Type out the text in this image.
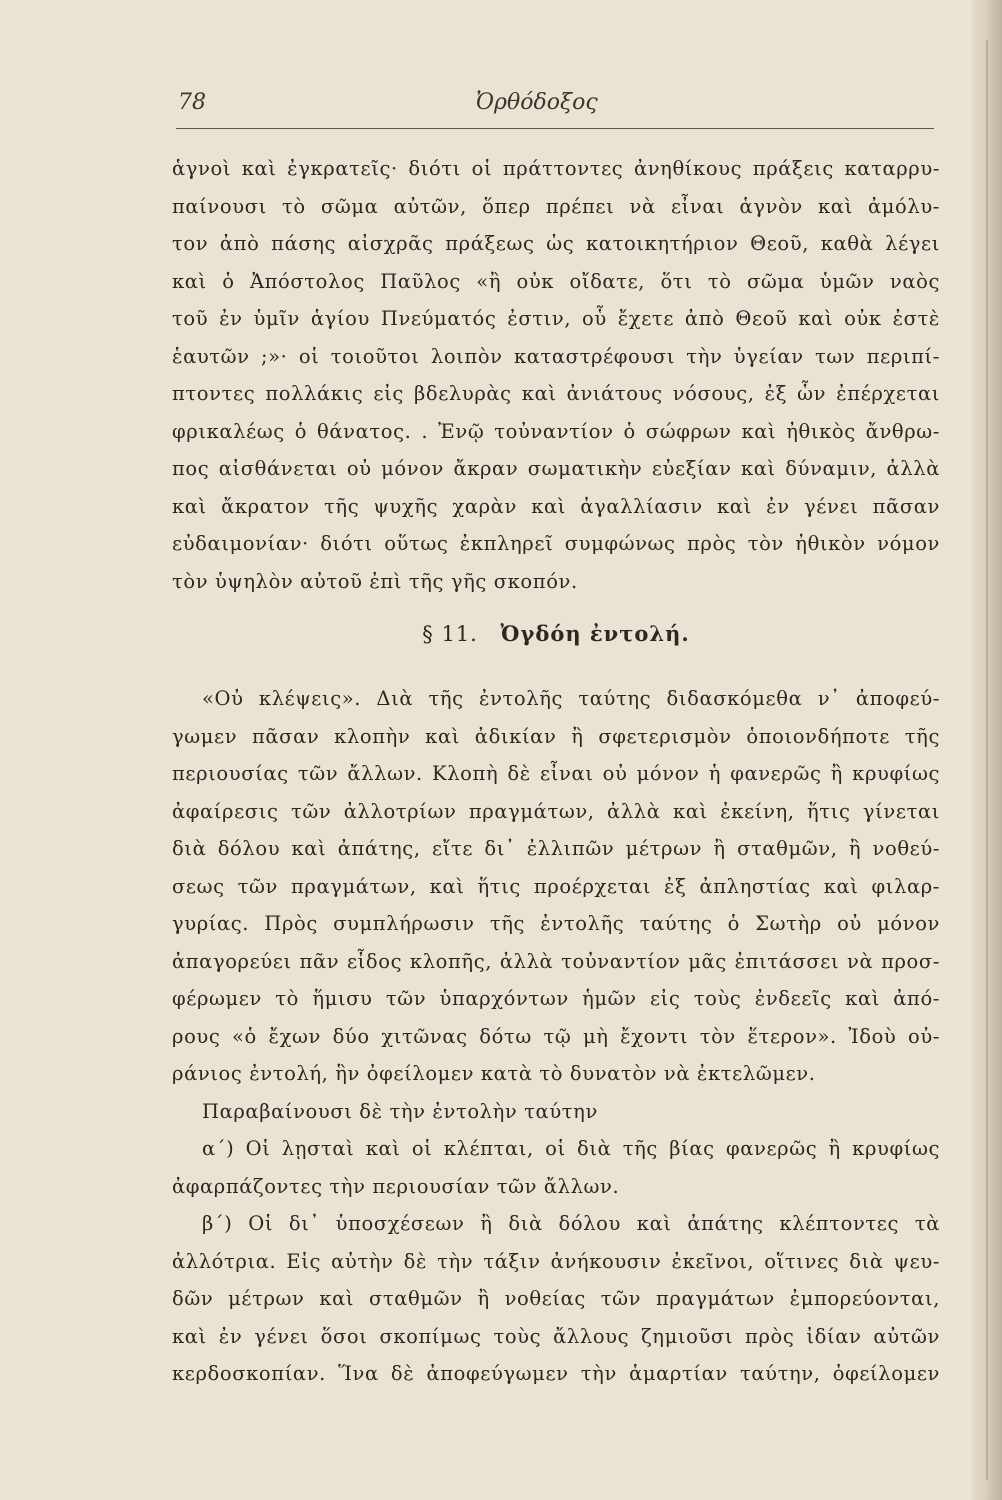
78	Ὀρθόδοξος
ἁγνοὶ καὶ ἐγκρατεῖς· διότι οἱ πράττοντες ἀνηθίκους πράξεις καταρρυ-
παίνουσι τὸ σῶμα αὐτῶν, ὅπερ πρέπει νὰ εἶναι ἁγνὸν καὶ ἀμόλυ-
τον ἀπὸ πάσης αἰσχρᾶς πράξεως ὡς κατοικητήριον Θεοῦ, καθὰ λέγει
καὶ ὁ Ἀπόστολος Παῦλος «ἢ οὐκ οἴδατε, ὅτι τὸ σῶμα ὑμῶν ναὸς
τοῦ ἐν ὑμῖν ἁγίου Πνεύματός ἐστιν, οὗ ἔχετε ἀπὸ Θεοῦ καὶ οὐκ ἐστὲ
ἑαυτῶν ;»· οἱ τοιοῦτοι λοιπὸν καταστρέφουσι τὴν ὑγείαν των περιπί-
πτοντες πολλάκις εἰς βδελυρὰς καὶ ἀνιάτους νόσους, ἐξ ὧν ἐπέρχεται
φρικαλέως ὁ θάνατος. . Ἐνῷ τοὐναντίον ὁ σώφρων καὶ ἠθικὸς ἄνθρω-
πος αἰσθάνεται οὐ μόνον ἄκραν σωματικὴν εὐεξίαν καὶ δύναμιν, ἀλλὰ
καὶ ἄκρατον τῆς ψυχῆς χαρὰν καὶ ἀγαλλίασιν καὶ ἐν γένει πᾶσαν
εὐδαιμονίαν· διότι οὕτως ἐκπληρεῖ συμφώνως πρὸς τὸν ἠθικὸν νόμον
τὸν ὑψηλὸν αὐτοῦ ἐπὶ τῆς γῆς σκοπόν.
§ 11. Ὀγδόη ἐντολή.
«Οὐ κλέψεις». Διὰ τῆς ἐντολῆς ταύτης διδασκόμεθα ν᾿ ἀποφεύ-
γωμεν πᾶσαν κλοπὴν καὶ ἀδικίαν ἢ σφετερισμὸν ὁποιονδήποτε τῆς
περιουσίας τῶν ἄλλων. Κλοπὴ δὲ εἶναι οὐ μόνον ἡ φανερῶς ἢ κρυφίως
ἀφαίρεσις τῶν ἀλλοτρίων πραγμάτων, ἀλλὰ καὶ ἐκείνη, ἥτις γίνεται
διὰ δόλου καὶ ἀπάτης, εἴτε δι᾿ ἐλλιπῶν μέτρων ἢ σταθμῶν, ἢ νοθεύ-
σεως τῶν πραγμάτων, καὶ ἥτις προέρχεται ἐξ ἀπληστίας καὶ φιλαρ-
γυρίας. Πρὸς συμπλήρωσιν τῆς ἐντολῆς ταύτης ὁ Σωτὴρ οὐ μόνον
ἀπαγορεύει πᾶν εἶδος κλοπῆς, ἀλλὰ τοὐναντίον μᾶς ἐπιτάσσει νὰ προσ-
φέρωμεν τὸ ἥμισυ τῶν ὑπαρχόντων ἡμῶν εἰς τοὺς ἐνδεεῖς καὶ ἀπό-
ρους «ὁ ἔχων δύο χιτῶνας δότω τῷ μὴ ἔχοντι τὸν ἕτερον». Ἰδοὺ οὐ-
ράνιος ἐντολή, ἣν ὀφείλομεν κατὰ τὸ δυνατὸν νὰ ἐκτελῶμεν.
Παραβαίνουσι δὲ τὴν ἐντολὴν ταύτην
α΄) Οἱ λῃσταὶ καὶ οἱ κλέπται, οἱ διὰ τῆς βίας φανερῶς ἢ κρυφίως
ἀφαρπάζοντες τὴν περιουσίαν τῶν ἄλλων.
β΄) Οἱ δι᾿ ὑποσχέσεων ἢ διὰ δόλου καὶ ἀπάτης κλέπτοντες τὰ
ἀλλότρια. Εἰς αὐτὴν δὲ τὴν τάξιν ἀνήκουσιν ἐκεῖνοι, οἵτινες διὰ ψευ-
δῶν μέτρων καὶ σταθμῶν ἢ νοθείας τῶν πραγμάτων ἐμπορεύονται,
καὶ ἐν γένει ὅσοι σκοπίμως τοὺς ἄλλους ζημιοῦσι πρὸς ἰδίαν αὐτῶν
κερδοσκοπίαν. Ἵνα δὲ ἀποφεύγωμεν τὴν ἁμαρτίαν ταύτην, ὀφείλομεν
